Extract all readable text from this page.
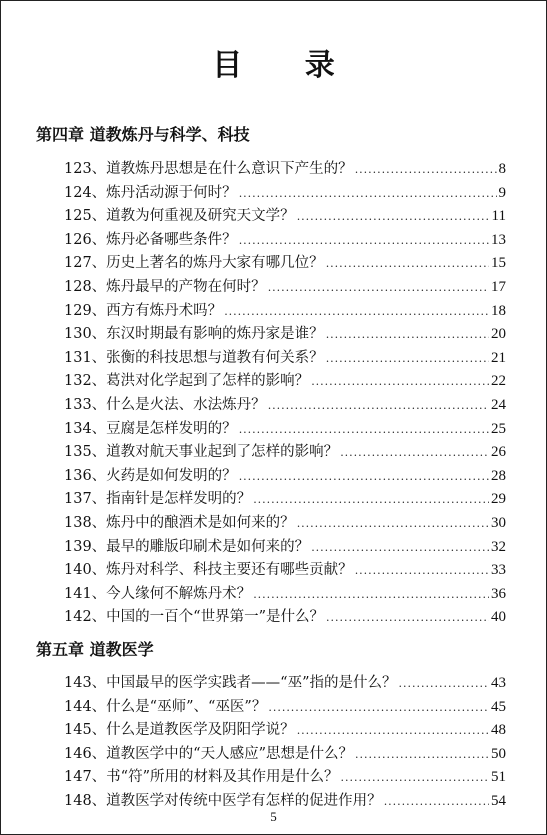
目 录
第四章 道教炼丹与科学、科技
123、道教炼丹思想是在什么意识下产生的？ .....	8
124、炼丹活动源于何时？ .....	9
125、道教为何重视及研究天文学？ .....	11
126、炼丹必备哪些条件？ .....	13
127、历史上著名的炼丹大家有哪几位？ .....	15
128、炼丹最早的产物在何时？ .....	17
129、西方有炼丹术吗？ .....	18
130、东汉时期最有影响的炼丹家是谁？ .....	20
131、张衡的科技思想与道教有何关系？ .....	21
132、葛洪对化学起到了怎样的影响？ .....	22
133、什么是火法、水法炼丹？ .....	24
134、豆腐是怎样发明的？ .....	25
135、道教对航天事业起到了怎样的影响？ .....	26
136、火药是如何发明的？ .....	28
137、指南针是怎样发明的？ .....	29
138、炼丹中的酿酒术是如何来的？ .....	30
139、最早的雕版印刷术是如何来的？ .....	32
140、炼丹对科学、科技主要还有哪些贡献？ .....	33
141、今人缘何不解炼丹术？ .....	36
142、中国的一百个“世界第一”是什么？ .....	40
第五章 道教医学
143、中国最早的医学实践者——“巫”指的是什么？ .....	43
144、什么是“巫师”、“巫医”？ .....	45
145、什么是道教医学及阴阳学说？ .....	48
146、道教医学中的“天人感应”思想是什么？ .....	50
147、书“符”所用的材料及其作用是什么？ .....	51
148、道教医学对传统中医学有怎样的促进作用？ .....	54
5
